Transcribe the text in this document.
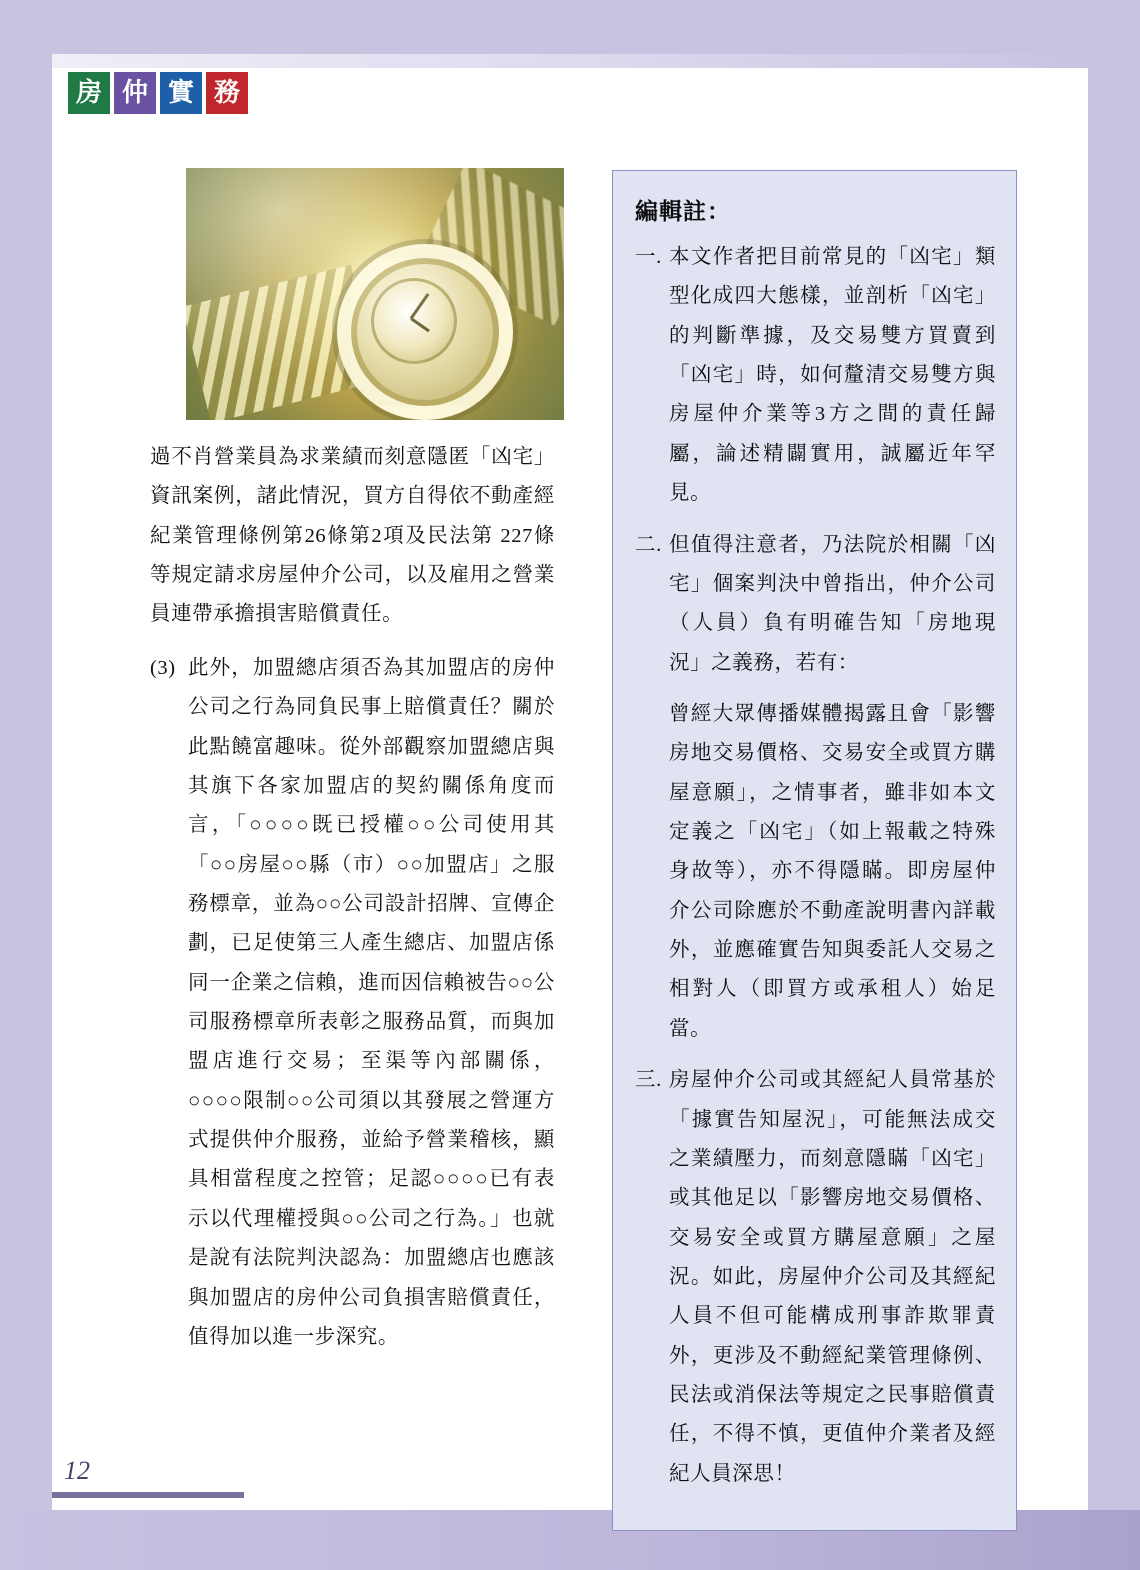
房 仲 實 務
過不肖營業員為求業績而刻意隱匿「凶宅」資訊案例，諸此情況，買方自得依不動產經紀業管理條例第26條第2項及民法第 227條等規定請求房屋仲介公司，以及雇用之營業員連帶承擔損害賠償責任。
(3) 此外，加盟總店須否為其加盟店的房仲公司之行為同負民事上賠償責任？關於此點饒富趣味。從外部觀察加盟總店與其旗下各家加盟店的契約關係角度而言，「○○○○既已授權○○公司使用其「○○房屋○○縣（市）○○加盟店」之服務標章，並為○○公司設計招牌、宣傳企劃，已足使第三人產生總店、加盟店係同一企業之信賴，進而因信賴被告○○公司服務標章所表彰之服務品質，而與加盟店進行交易；至渠等內部關係，○○○○限制○○公司須以其發展之營運方式提供仲介服務，並給予營業稽核，顯具相當程度之控管；足認○○○○已有表示以代理權授與○○公司之行為。」也就是說有法院判決認為：加盟總店也應該與加盟店的房仲公司負損害賠償責任，值得加以進一步深究。
編輯註：
一. 本文作者把目前常見的「凶宅」類型化成四大態樣，並剖析「凶宅」的判斷準據，及交易雙方買賣到「凶宅」時，如何釐清交易雙方與房屋仲介業等3方之間的責任歸屬，論述精闢實用，誠屬近年罕見。
二. 但值得注意者，乃法院於相關「凶宅」個案判決中曾指出，仲介公司（人員）負有明確告知「房地現況」之義務，若有：
曾經大眾傳播媒體揭露且會「影響房地交易價格、交易安全或買方購屋意願」，之情事者，雖非如本文定義之「凶宅」（如上報載之特殊身故等），亦不得隱瞞。即房屋仲介公司除應於不動產說明書內詳載外，並應確實告知與委託人交易之相對人（即買方或承租人）始足當。
三. 房屋仲介公司或其經紀人員常基於「據實告知屋況」，可能無法成交之業績壓力，而刻意隱瞞「凶宅」或其他足以「影響房地交易價格、交易安全或買方購屋意願」之屋況。如此，房屋仲介公司及其經紀人員不但可能構成刑事詐欺罪責外，更涉及不動經紀業管理條例、民法或消保法等規定之民事賠償責任，不得不慎，更值仲介業者及經紀人員深思！
12
